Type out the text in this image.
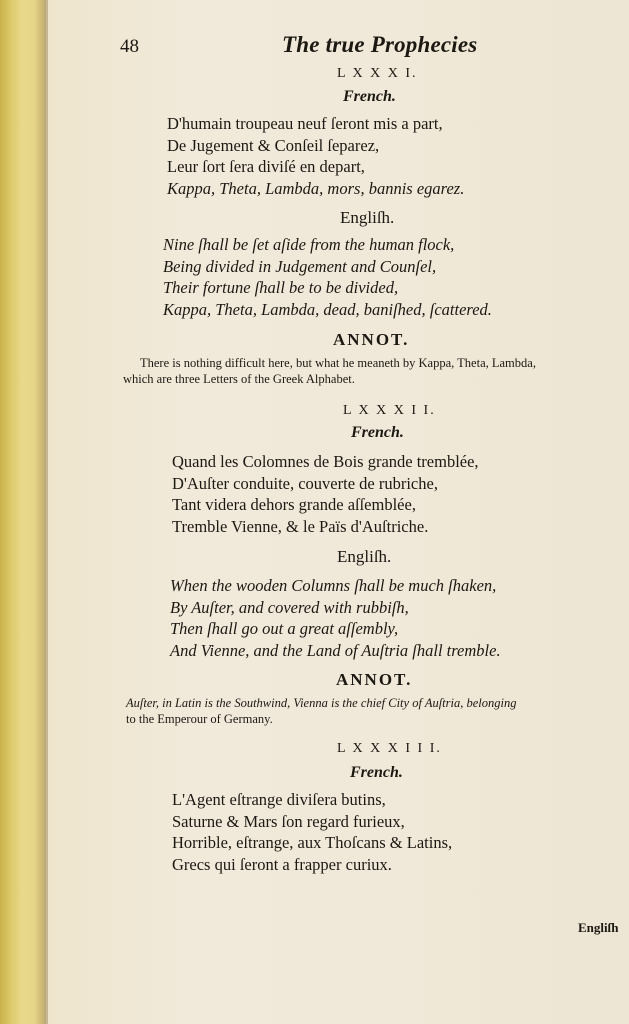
48	The true Prophecies
L X X X I.
French.
D'humain troupeau neuf ſeront mis a part,
De Jugement & Conſeil ſeparez,
Leur ſort ſera diviſé en depart,
Kappa, Theta, Lambda, mors, bannis egarez.
Engliſh.
Nine ſhall be ſet aſide from the human flock,
Being divided in Judgement and Counſel,
Their fortune ſhall be to be divided,
Kappa, Theta, Lambda, dead, baniſhed, ſcattered.
ANNOT.
There is nothing difficult here, but what he meaneth by Kappa, Theta, Lambda,
which are three Letters of the Greek Alphabet.
L X X X I I.
French.
Quand les Colomnes de Bois grande tremblée,
D'Auſter conduite, couverte de rubriche,
Tant videra dehors grande aſſemblée,
Tremble Vienne, & le Païs d'Auſtriche.
Engliſh.
When the wooden Columns ſhall be much ſhaken,
By Auſter, and covered with rubbiſh,
Then ſhall go out a great aſſembly,
And Vienne, and the Land of Auſtria ſhall tremble.
ANNOT.
Auſter, in Latin is the Southwind, Vienna is the chief City of Auſtria, belonging
to the Emperour of Germany.
L X X X I I I.
French.
L'Agent eſtrange diviſera butins,
Saturne & Mars ſon regard furieux,
Horrible, eſtrange, aux Thoſcans & Latins,
Grecs qui ſeront a frapper curiux.
Engliſh
